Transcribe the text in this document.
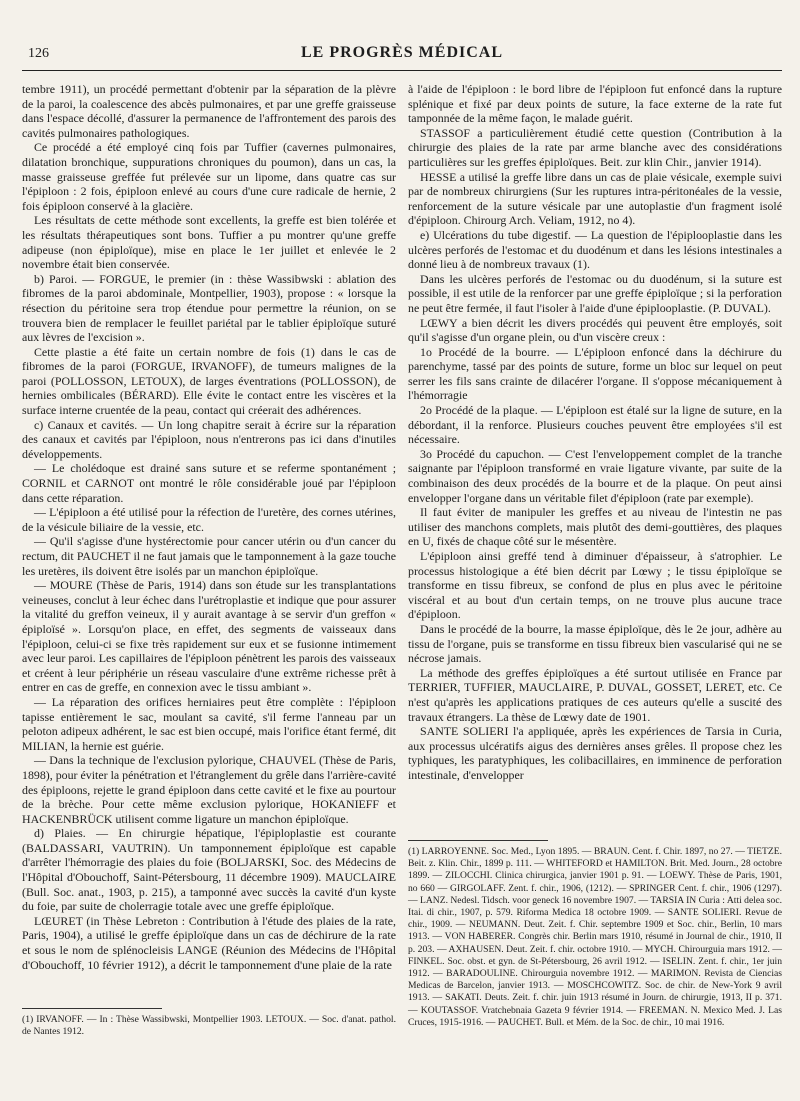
126	LE PROGRÈS MÉDICAL

tembre 1911), un procédé permettant d'obtenir par la séparation de la plèvre de la paroi, la coalescence des abcès pulmonaires, et par une greffe graisseuse dans l'espace décollé, d'assurer la permanence de l'affrontement des parois des cavités pulmonaires pathologiques.

Ce procédé a été employé cinq fois par Tuffier (cavernes pulmonaires, dilatation bronchique, suppurations chroniques du poumon), dans un cas, la masse graisseuse greffée fut prélevée sur un lipome, dans quatre cas sur l'épiploon : 2 fois, épiploon enlevé au cours d'une cure radicale de hernie, 2 fois épiploon conservé à la glacière.

Les résultats de cette méthode sont excellents, la greffe est bien tolérée et les résultats thérapeutiques sont bons. Tuffier a pu montrer qu'une greffe adipeuse (non épiploïque), mise en place le 1er juillet et enlevée le 2 novembre était bien conservée.

b) Paroi. — FORGUE, le premier (in : thèse Wassibwski : ablation des fibromes de la paroi abdominale, Montpellier, 1903), propose : « lorsque la résection du péritoine sera trop étendue pour permettre la réunion, on se trouvera bien de remplacer le feuillet pariétal par le tablier épiploïque suturé aux lèvres de l'excision ».

Cette plastie a été faite un certain nombre de fois (1) dans le cas de fibromes de la paroi (FORGUE, IRVANOFF), de tumeurs malignes de la paroi (POLLOSSON, LETOUX), de larges éventrations (POLLOSSON), de hernies ombilicales (BÉRARD). Elle évite le contact entre les viscères et la surface interne cruentée de la peau, contact qui créerait des adhérences.

c) Canaux et cavités. — Un long chapitre serait à écrire sur la réparation des canaux et cavités par l'épiploon, nous n'entrerons pas ici dans d'inutiles développements.

— Le cholédoque est drainé sans suture et se referme spontanément ; CORNIL et CARNOT ont montré le rôle considérable joué par l'épiploon dans cette réparation.

— L'épiploon a été utilisé pour la réfection de l'uretère, des cornes utérines, de la vésicule biliaire de la vessie, etc.

— Qu'il s'agisse d'une hystérectomie pour cancer utérin ou d'un cancer du rectum, dit PAUCHET il ne faut jamais que le tamponnement à la gaze touche les uretères, ils doivent être isolés par un manchon épiploïque.

— MOURE (Thèse de Paris, 1914) dans son étude sur les transplantations veineuses, conclut à leur échec dans l'urétroplastie et indique que pour assurer la vitalité du greffon veineux, il y aurait avantage à se servir d'un greffon « épiploïsé ». Lorsqu'on place, en effet, des segments de vaisseaux dans l'épiploon, celui-ci se fixe très rapidement sur eux et se fusionne intimement avec leur paroi. Les capillaires de l'épiploon pénètrent les parois des vaisseaux et créent à leur périphérie un réseau vasculaire d'une extrême richesse prêt à entrer en cas de greffe, en connexion avec le tissu ambiant ».

— La réparation des orifices herniaires peut être complète : l'épiploon tapisse entièrement le sac, moulant sa cavité, s'il ferme l'anneau par un peloton adipeux adhérent, le sac est bien occupé, mais l'orifice étant fermé, dit MILIAN, la hernie est guérie.

— Dans la technique de l'exclusion pylorique, CHAUVEL (Thèse de Paris, 1898), pour éviter la pénétration et l'étranglement du grêle dans l'arrière-cavité des épiploons, rejette le grand épiploon dans cette cavité et le fixe au pourtour de la brèche. Pour cette même exclusion pylorique, HOKANIEFF et HACKENBRÜCK utilisent comme ligature un manchon épiploïque.

d) Plaies. — En chirurgie hépatique, l'épiploplastie est courante (BALDASSARI, VAUTRIN). Un tamponnement épiploïque est capable d'arrêter l'hémorragie des plaies du foie (BOLJARSKI, Soc. des Médecins de l'Hôpital d'Obouchoff, Saint-Pétersbourg, 11 décembre 1909). MAUCLAIRE (Bull. Soc. anat., 1903, p. 215), a tamponné avec succès la cavité d'un kyste du foie, par suite de cholerragie totale avec une greffe épiploïque.

LŒURET (in Thèse Lebreton : Contribution à l'étude des plaies de la rate, Paris, 1904), a utilisé le greffe épiploïque dans un cas de déchirure de la rate et sous le nom de splénocleisis LANGE (Réunion des Médecins de l'Hôpital d'Obouchoff, 10 février 1912), a décrit le tamponnement d'une plaie de la rate

à l'aide de l'épiploon : le bord libre de l'épiploon fut enfoncé dans la rupture splénique et fixé par deux points de suture, la face externe de la rate fut tamponnée de la même façon, le malade guérit.

STASSOF a particulièrement étudié cette question (Contribution à la chirurgie des plaies de la rate par arme blanche avec des considérations particulières sur les greffes épiploïques. Beit. zur klin Chir., janvier 1914).

HESSE a utilisé la greffe libre dans un cas de plaie vésicale, exemple suivi par de nombreux chirurgiens (Sur les ruptures intra-péritonéales de la vessie, renforcement de la suture vésicale par une autoplastie d'un fragment isolé d'épiploon. Chirourg Arch. Veliam, 1912, no 4).

e) Ulcérations du tube digestif. — La question de l'épiplooplastie dans les ulcères perforés de l'estomac et du duodénum et dans les lésions intestinales a donné lieu à de nombreux travaux (1).

Dans les ulcères perforés de l'estomac ou du duodénum, si la suture est possible, il est utile de la renforcer par une greffe épiploïque ; si la perforation ne peut être fermée, il faut l'isoler à l'aide d'une épiplooplastie. (P. DUVAL).

LŒWY a bien décrit les divers procédés qui peuvent être employés, soit qu'il s'agisse d'un organe plein, ou d'un viscère creux :

1o Procédé de la bourre. — L'épiploon enfoncé dans la déchirure du parenchyme, tassé par des points de suture, forme un bloc sur lequel on peut serrer les fils sans crainte de dilacérer l'organe. Il s'oppose mécaniquement à l'hémorragie

2o Procédé de la plaque. — L'épiploon est étalé sur la ligne de suture, en la débordant, il la renforce. Plusieurs couches peuvent être employées s'il est nécessaire.

3o Procédé du capuchon. — C'est l'enveloppement complet de la tranche saignante par l'épiploon transformé en vraie ligature vivante, par suite de la combinaison des deux procédés de la bourre et de la plaque. On peut ainsi envelopper l'organe dans un véritable filet d'épiploon (rate par exemple).

Il faut éviter de manipuler les greffes et au niveau de l'intestin ne pas utiliser des manchons complets, mais plutôt des demi-gouttières, des plaques en U, fixés de chaque côté sur le mésentère.

L'épiploon ainsi greffé tend à diminuer d'épaisseur, à s'atrophier. Le processus histologique a été bien décrit par Lœwy ; le tissu épiploïque se transforme en tissu fibreux, se confond de plus en plus avec le péritoine viscéral et au bout d'un certain temps, on ne trouve plus aucune trace d'épiploon.

Dans le procédé de la bourre, la masse épiploïque, dès le 2e jour, adhère au tissu de l'organe, puis se transforme en tissu fibreux bien vascularisé qui ne se nécrose jamais.

La méthode des greffes épiploïques a été surtout utilisée en France par TERRIER, TUFFIER, MAUCLAIRE, P. DUVAL, GOSSET, LERET, etc. Ce n'est qu'après les applications pratiques de ces auteurs qu'elle a suscité des travaux étrangers. La thèse de Lœwy date de 1901.

SANTE SOLIERI l'a appliquée, après les expériences de Tarsia in Curia, aux processus ulcératifs aigus des dernières anses grêles. Il propose chez les typhiques, les paratyphiques, les colibacillaires, en imminence de perforation intestinale, d'envelopper

(1) IRVANOFF. — In : Thèse Wassibwski, Montpellier 1903. LETOUX. — Soc. d'anat. pathol. de Nantes 1912.
(1) LARROYENNE. Soc. Med., Lyon 1895. — BRAUN. Cent. f. Chir. 1897, no 27. — TIETZE. Beit. z. Klin. Chir., 1899 p. 111. — WHITEFORD et HAMILTON. Brit. Med. Journ., 28 octobre 1899. — ZILOCCHI. Clinica chirurgica, janvier 1901 p. 91. — LOEWY. Thèse de Paris, 1901, no 660 — GIRGOLAFF. Zent. f. chir., 1906, (1212). — SPRINGER Cent. f. chir., 1906 (1297). — LANZ. Nedesl. Tidsch. voor geneck 16 novembre 1907. — TARSIA IN Curia : Atti delea soc. Itai. di chir., 1907, p. 579. Riforma Medica 18 octobre 1909. — SANTE SOLIERI. Revue de chir., 1909. — NEUMANN. Deut. Zeit. f. Chir. septembre 1909 et Soc. chir., Berlin, 10 mars 1913. — VON HABERER. Congrès chir. Berlin mars 1910, résumé in Journal de chir., 1910, II p. 203. — AXHAUSEN. Deut. Zeit. f. chir. octobre 1910. — MYCH. Chirourguia mars 1912. — FINKEL. Soc. obst. et gyn. de St-Pétersbourg, 26 avril 1912. — ISELIN. Zent. f. chir., 1er juin 1912. — BARADOULINE. Chirourguia novembre 1912. — MARIMON. Revista de Ciencias Medicas de Barcelon, janvier 1913. — MOSCHCOWITZ. Soc. de chir. de New-York 9 avril 1913. — SAKATI. Deuts. Zeit. f. chir. juin 1913 résumé in Journ. de chirurgie, 1913, II p. 371. — KOUTASSOF. Vratchebnaia Gazeta 9 février 1914. — FREEMAN. N. Mexico Med. J. Las Cruces, 1915-1916. — PAUCHET. Bull. et Mém. de la Soc. de chir., 10 mai 1916.
